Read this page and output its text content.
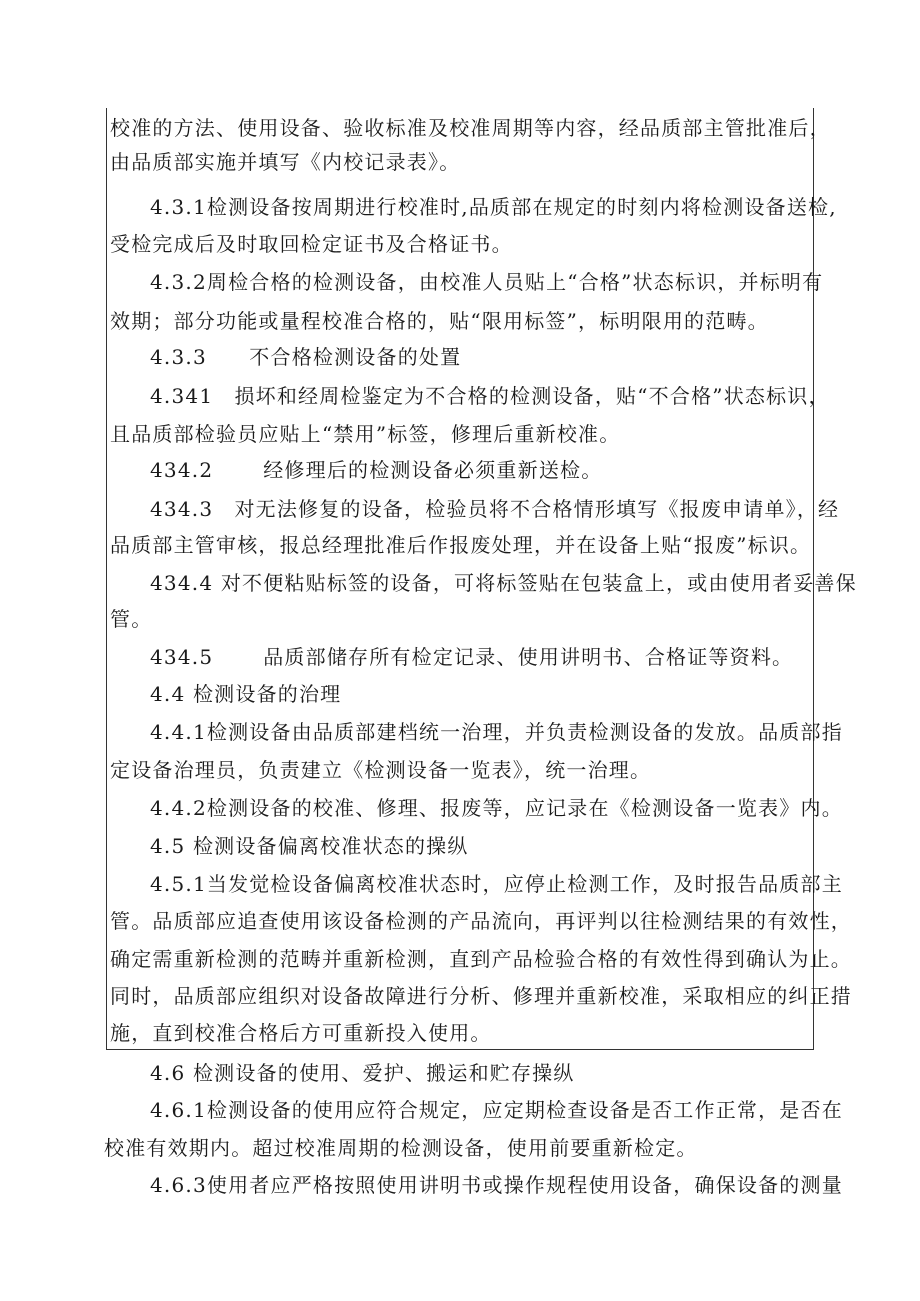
校准的方法、使用设备、验收标准及校准周期等内容，经品质部主管批准后，
由品质部实施并填写《内校记录表》。
4.3.1检测设备按周期进行校准时,品质部在规定的时刻内将检测设备送检,
受检完成后及时取回检定证书及合格证书。
4.3.2周检合格的检测设备，由校准人员贴上“合格”状态标识，并标明有
效期；部分功能或量程校准合格的，贴“限用标签”，标明限用的范畴。
4.3.3　　不合格检测设备的处置
4.341　损坏和经周检鉴定为不合格的检测设备，贴“不合格”状态标识，
且品质部检验员应贴上“禁用”标签，修理后重新校准。
434.2　　 经修理后的检测设备必须重新送检。
434.3　对无法修复的设备，检验员将不合格情形填写《报废申请单》，经
品质部主管审核，报总经理批准后作报废处理，并在设备上贴“报废”标识。
434.4 对不便粘贴标签的设备，可将标签贴在包装盒上，或由使用者妥善保
管。
434.5　　 品质部储存所有检定记录、使用讲明书、合格证等资料。
4.4 检测设备的治理
4.4.1检测设备由品质部建档统一治理，并负责检测设备的发放。品质部指
定设备治理员，负责建立《检测设备一览表》，统一治理。
4.4.2检测设备的校准、修理、报废等，应记录在《检测设备一览表》内。
4.5 检测设备偏离校准状态的操纵
4.5.1当发觉检设备偏离校准状态时，应停止检测工作，及时报告品质部主
管。品质部应追查使用该设备检测的产品流向，再评判以往检测结果的有效性，
确定需重新检测的范畴并重新检测，直到产品检验合格的有效性得到确认为止。
同时，品质部应组织对设备故障进行分析、修理并重新校准，采取相应的纠正措
施，直到校准合格后方可重新投入使用。
4.6 检测设备的使用、爱护、搬运和贮存操纵
4.6.1检测设备的使用应符合规定，应定期检查设备是否工作正常，是否在
校准有效期内。超过校准周期的检测设备，使用前要重新检定。
4.6.3使用者应严格按照使用讲明书或操作规程使用设备，确保设备的测量
